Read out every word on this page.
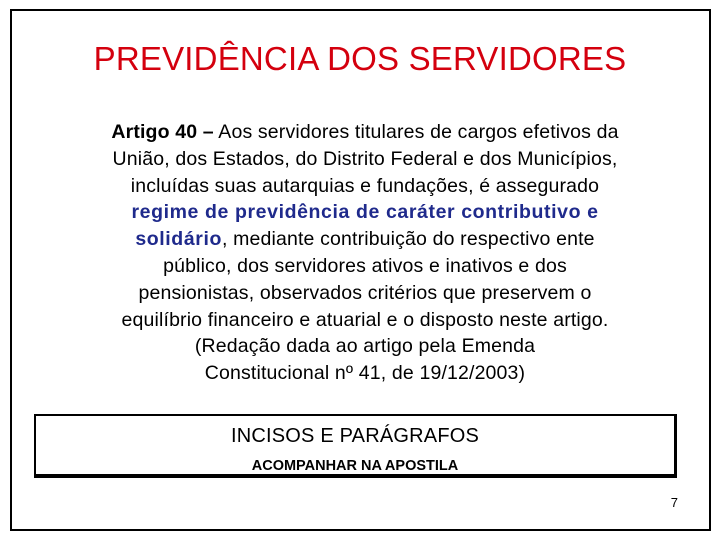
PREVIDÊNCIA DOS SERVIDORES
Artigo 40 – Aos servidores titulares de cargos efetivos da
União, dos Estados, do Distrito Federal e dos Municípios,
incluídas suas autarquias e fundações, é assegurado
regime de previdência de caráter contributivo e
solidário, mediante contribuição do respectivo ente
público, dos servidores ativos e inativos e dos
pensionistas, observados critérios que preservem o
equilíbrio financeiro e atuarial e o disposto neste artigo.
(Redação dada ao artigo pela Emenda
Constitucional nº 41, de 19/12/2003)
INCISOS E PARÁGRAFOS
ACOMPANHAR NA APOSTILA
7
